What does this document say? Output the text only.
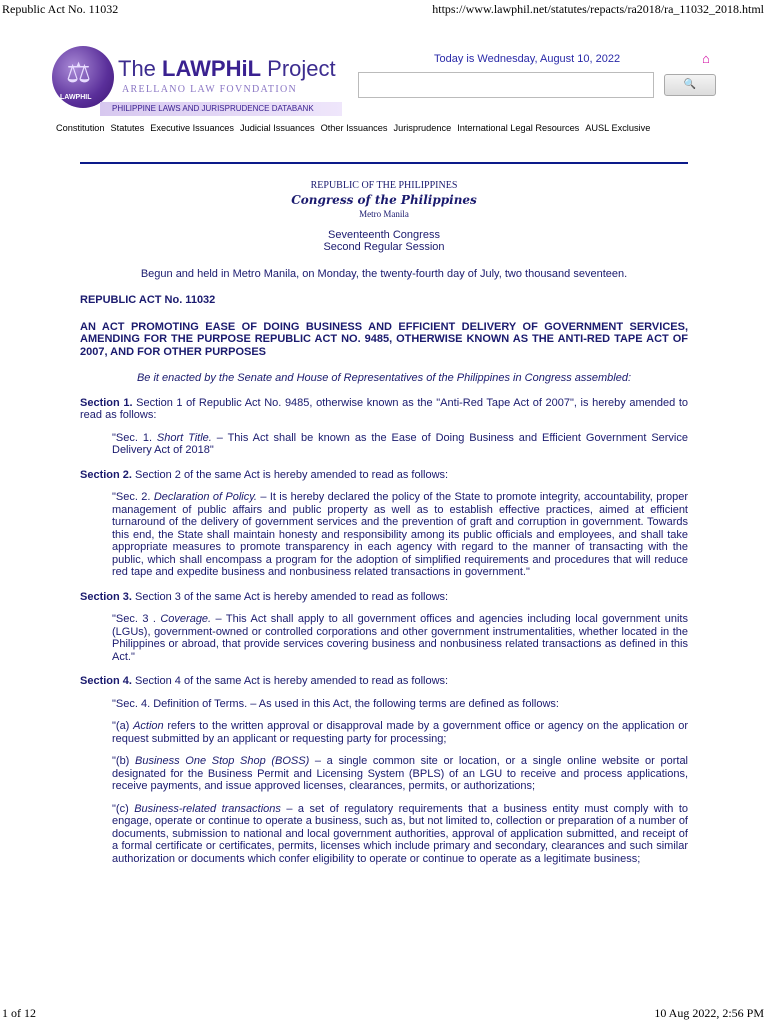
Republic Act No. 11032	https://www.lawphil.net/statutes/repacts/ra2018/ra_11032_2018.html
⚖
LAWPHIL
The LAWPHiL Project
ARELLANO LAW FOVNDATION
PHILIPPINE LAWS AND JURISPRUDENCE DATABANK
Today is Wednesday, August 10, 2022	⌂
🔍
Constitution Statutes Executive Issuances Judicial Issuances Other Issuances Jurisprudence International Legal Resources AUSL Exclusive
REPUBLIC OF THE PHILIPPINES
Congress of the Philippines
Metro Manila
Seventeenth Congress
Second Regular Session
Begun and held in Metro Manila, on Monday, the twenty-fourth day of July, two thousand seventeen.
REPUBLIC ACT No. 11032
AN ACT PROMOTING EASE OF DOING BUSINESS AND EFFICIENT DELIVERY OF GOVERNMENT SERVICES, AMENDING FOR THE PURPOSE REPUBLIC ACT NO. 9485, OTHERWISE KNOWN AS THE ANTI-RED TAPE ACT OF 2007, AND FOR OTHER PURPOSES
Be it enacted by the Senate and House of Representatives of the Philippines in Congress assembled:

Section 1. Section 1 of Republic Act No. 9485, otherwise known as the "Anti-Red Tape Act of 2007", is hereby amended to read as follows:

"Sec. 1. Short Title. – This Act shall be known as the Ease of Doing Business and Efficient Government Service Delivery Act of 2018"

Section 2. Section 2 of the same Act is hereby amended to read as follows:

"Sec. 2. Declaration of Policy. – It is hereby declared the policy of the State to promote integrity, accountability, proper management of public affairs and public property as well as to establish effective practices, aimed at efficient turnaround of the delivery of government services and the prevention of graft and corruption in government. Towards this end, the State shall maintain honesty and responsibility among its public officials and employees, and shall take appropriate measures to promote transparency in each agency with regard to the manner of transacting with the public, which shall encompass a program for the adoption of simplified requirements and procedures that will reduce red tape and expedite business and nonbusiness related transactions in government."

Section 3. Section 3 of the same Act is hereby amended to read as follows:

"Sec. 3 . Coverage. – This Act shall apply to all government offices and agencies including local government units (LGUs), government-owned or controlled corporations and other government instrumentalities, whether located in the Philippines or abroad, that provide services covering business and nonbusiness related transactions as defined in this Act."

Section 4. Section 4 of the same Act is hereby amended to read as follows:

"Sec. 4. Definition of Terms. – As used in this Act, the following terms are defined as follows:

"(a) Action refers to the written approval or disapproval made by a government office or agency on the application or request submitted by an applicant or requesting party for processing;

"(b) Business One Stop Shop (BOSS) – a single common site or location, or a single online website or portal designated for the Business Permit and Licensing System (BPLS) of an LGU to receive and process applications, receive payments, and issue approved licenses, clearances, permits, or authorizations;

"(c) Business-related transactions – a set of regulatory requirements that a business entity must comply with to engage, operate or continue to operate a business, such as, but not limited to, collection or preparation of a number of documents, submission to national and local government authorities, approval of application submitted, and receipt of a formal certificate or certificates, permits, licenses which include primary and secondary, clearances and such similar authorization or documents which confer eligibility to operate or continue to operate as a legitimate business;

1 of 12	10 Aug 2022, 2:56 PM
